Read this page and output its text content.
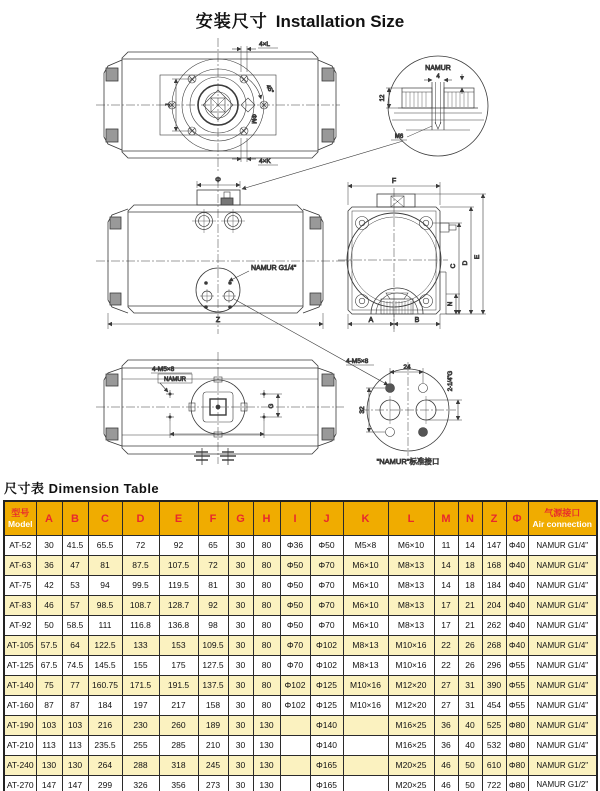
安装尺寸 Installation Size
ΦM
45°
4×L
4×K
J
NAMUR
4
M6
12
Φ
NAMUR G1/4"
Z
F
C
D
E
N
A	B
4-M5×8
NAMUR
G
24
32
2-1/4"G
4-M5×8
"NAMUR"标准接口
尺寸表 Dimension Table
型号
Model	A	B	C	D	E	F	G	H	I	J	K	L	M	N	Z	Φ	
气源接口
Air connection

AT-52	30	41.5	65.5	72	92	65	30	80	Φ36	Φ50	M5×8	M6×10	11	14	147	Φ40	NAMUR G1/4"
AT-63	36	47	81	87.5	107.5	72	30	80	Φ50	Φ70	M6×10	M8×13	14	18	168	Φ40	NAMUR G1/4"
AT-75	42	53	94	99.5	119.5	81	30	80	Φ50	Φ70	M6×10	M8×13	14	18	184	Φ40	NAMUR G1/4"
AT-83	46	57	98.5	108.7	128.7	92	30	80	Φ50	Φ70	M6×10	M8×13	17	21	204	Φ40	NAMUR G1/4"
AT-92	50	58.5	111	116.8	136.8	98	30	80	Φ50	Φ70	M6×10	M8×13	17	21	262	Φ40	NAMUR G1/4"
AT-105	57.5	64	122.5	133	153	109.5	30	80	Φ70	Φ102	M8×13	M10×16	22	26	268	Φ40	NAMUR G1/4"
AT-125	67.5	74.5	145.5	155	175	127.5	30	80	Φ70	Φ102	M8×13	M10×16	22	26	296	Φ55	NAMUR G1/4"
AT-140	75	77	160.75	171.5	191.5	137.5	30	80	Φ102	Φ125	M10×16	M12×20	27	31	390	Φ55	NAMUR G1/4"
AT-160	87	87	184	197	217	158	30	80	Φ102	Φ125	M10×16	M12×20	27	31	454	Φ55	NAMUR G1/4"
AT-190	103	103	216	230	260	189	30	130		Φ140		M16×25	36	40	525	Φ80	NAMUR G1/4"
AT-210	113	113	235.5	255	285	210	30	130		Φ140		M16×25	36	40	532	Φ80	NAMUR G1/4"
AT-240	130	130	264	288	318	245	30	130		Φ165		M20×25	46	50	610	Φ80	NAMUR G1/2"
AT-270	147	147	299	326	356	273	30	130		Φ165		M20×25	46	50	722	Φ80	NAMUR G1/2"
